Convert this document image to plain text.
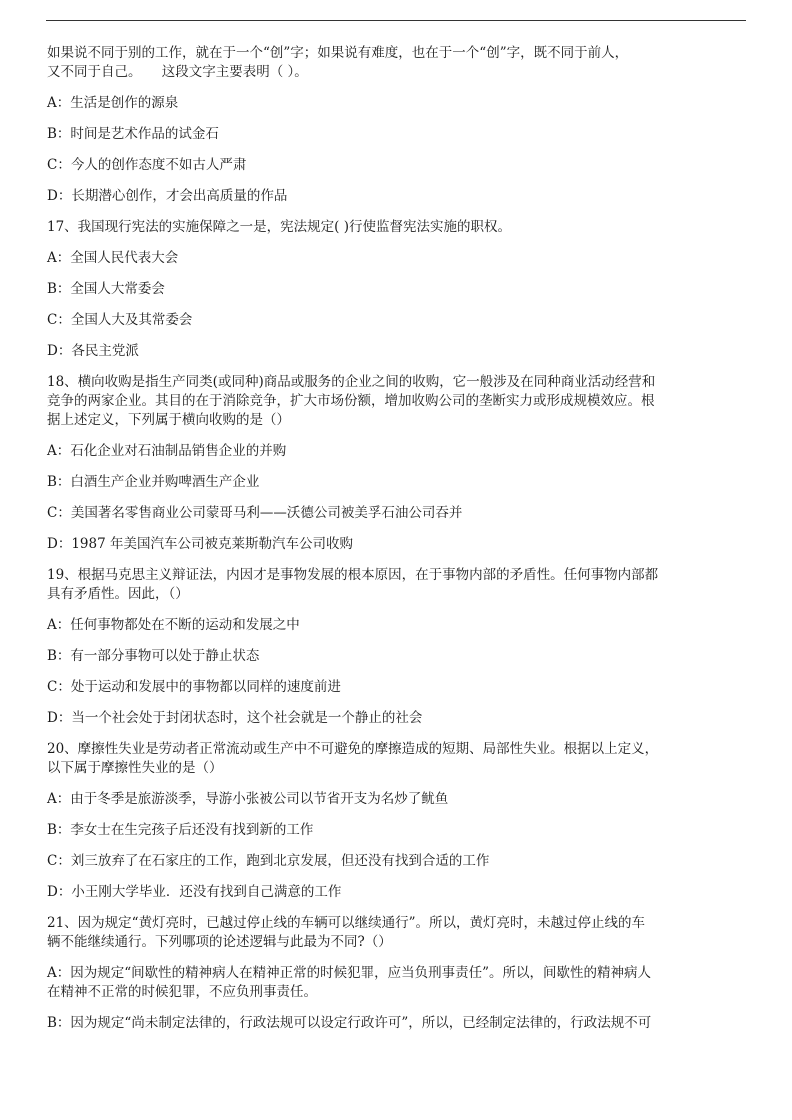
如果说不同于别的工作，就在于一个“创”字；如果说有难度，也在于一个“创”字，既不同于前人，

又不同于自己。　　这段文字主要表明（ ）。

A：生活是创作的源泉

B：时间是艺术作品的试金石

C：今人的创作态度不如古人严肃

D：长期潜心创作，才会出高质量的作品

17、我国现行宪法的实施保障之一是，宪法规定( )行使监督宪法实施的职权。

A：全国人民代表大会

B：全国人大常委会

C：全国人大及其常委会

D：各民主党派

18、横向收购是指生产同类(或同种)商品或服务的企业之间的收购，它一般涉及在同种商业活动经营和

竞争的两家企业。其目的在于消除竞争，扩大市场份额，增加收购公司的垄断实力或形成规模效应。根

据上述定义，下列属于横向收购的是（）

A：石化企业对石油制品销售企业的并购

B：白酒生产企业并购啤酒生产企业

C：美国著名零售商业公司蒙哥马利——沃德公司被美孚石油公司吞并

D：1987 年美国汽车公司被克莱斯勒汽车公司收购

19、根据马克思主义辩证法，内因才是事物发展的根本原因，在于事物内部的矛盾性。任何事物内部都

具有矛盾性。因此，（）

A：任何事物都处在不断的运动和发展之中

B：有一部分事物可以处于静止状态

C：处于运动和发展中的事物都以同样的速度前进

D：当一个社会处于封闭状态时，这个社会就是一个静止的社会

20、摩擦性失业是劳动者正常流动或生产中不可避免的摩擦造成的短期、局部性失业。根据以上定义，

以下属于摩擦性失业的是（）

A：由于冬季是旅游淡季，导游小张被公司以节省开支为名炒了鱿鱼

B：李女士在生完孩子后还没有找到新的工作

C：刘三放弃了在石家庄的工作，跑到北京发展，但还没有找到合适的工作

D：小王刚大学毕业．还没有找到自己满意的工作

21、因为规定“黄灯亮时，已越过停止线的车辆可以继续通行”。所以，黄灯亮时，未越过停止线的车

辆不能继续通行。下列哪项的论述逻辑与此最为不同?（）

A：因为规定“间歇性的精神病人在精神正常的时候犯罪，应当负刑事责任”。所以，间歇性的精神病人

在精神不正常的时候犯罪，不应负刑事责任。

B：因为规定“尚未制定法律的，行政法规可以设定行政许可”，所以，已经制定法律的，行政法规不可
